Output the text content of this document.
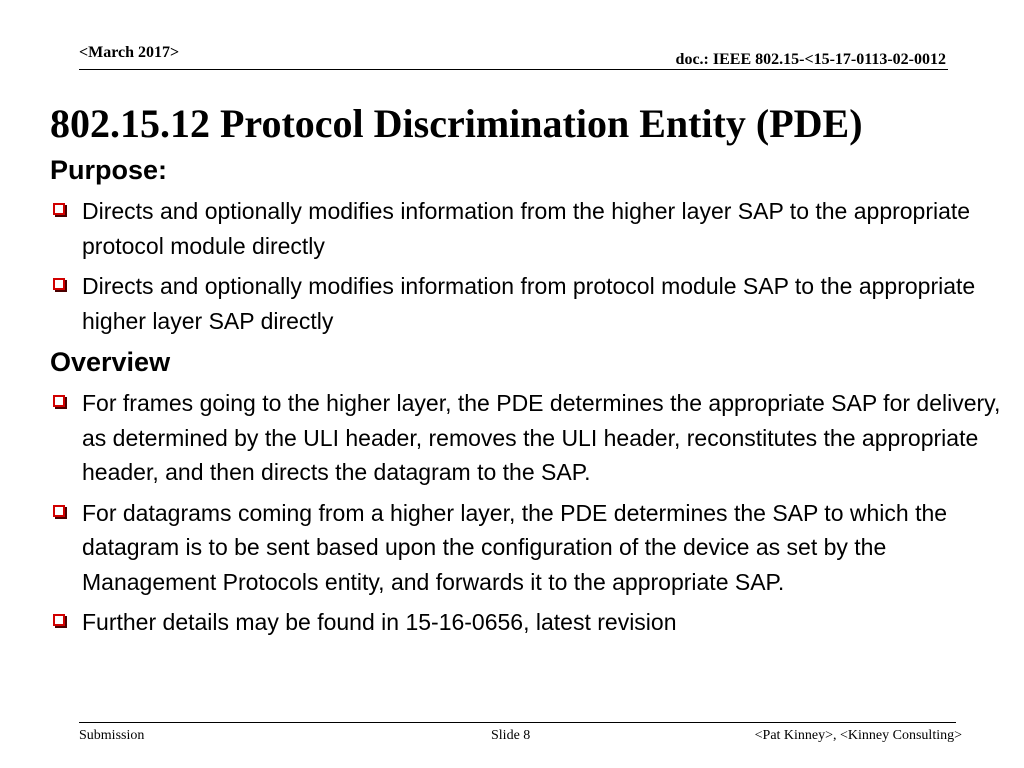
<March 2017>	doc.: IEEE 802.15-<15-17-0113-02-0012
802.15.12 Protocol Discrimination Entity (PDE)
Purpose:
Directs and optionally modifies information from the higher layer SAP to the appropriate protocol module directly
Directs and optionally modifies information from protocol module SAP to the appropriate higher layer SAP directly
Overview
For frames going to the higher layer, the PDE determines the appropriate SAP for delivery, as determined by the ULI header, removes the ULI header, reconstitutes the appropriate header, and then directs the datagram to the SAP.
For datagrams coming from a higher layer, the PDE determines the SAP to which the datagram is to be sent based upon the configuration of the device as set by the Management Protocols entity, and forwards it to the appropriate SAP.
Further details may be found in 15-16-0656, latest revision
Submission	Slide 8	<Pat Kinney>, <Kinney Consulting>
